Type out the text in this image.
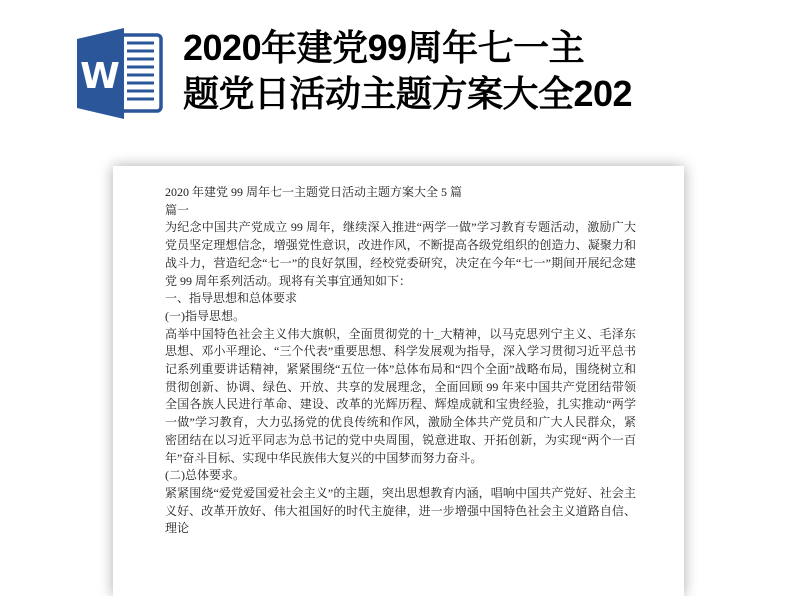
W
2020年建党99周年七一主
题党日活动主题方案大全202

2020 年建党 99 周年七一主题党日活动主题方案大全 5 篇

篇一

为纪念中国共产党成立 99 周年，继续深入推进“两学一做”学习教育专题活动，激励广大党员坚定理想信念，增强党性意识，改进作风，不断提高各级党组织的创造力、凝聚力和战斗力，营造纪念“七一”的良好氛围，经校党委研究，决定在今年“七一”期间开展纪念建党 99 周年系列活动。现将有关事宜通知如下：

一、指导思想和总体要求

(一)指导思想。

高举中国特色社会主义伟大旗帜，全面贯彻党的十_大精神，以马克思列宁主义、毛泽东思想、邓小平理论、“三个代表”重要思想、科学发展观为指导，深入学习贯彻习近平总书记系列重要讲话精神，紧紧围绕“五位一体”总体布局和“四个全面”战略布局，围绕树立和贯彻创新、协调、绿色、开放、共享的发展理念，全面回顾 99 年来中国共产党团结带领全国各族人民进行革命、建设、改革的光辉历程、辉煌成就和宝贵经验，扎实推动“两学一做”学习教育，大力弘扬党的优良传统和作风，激励全体共产党员和广大人民群众，紧密团结在以习近平同志为总书记的党中央周围，锐意进取、开拓创新，为实现“两个一百年”奋斗目标、实现中华民族伟大复兴的中国梦而努力奋斗。

(二)总体要求。

紧紧围绕“爱党爱国爱社会主义”的主题，突出思想教育内涵，唱响中国共产党好、社会主义好、改革开放好、伟大祖国好的时代主旋律，进一步增强中国特色社会主义道路自信、理论
